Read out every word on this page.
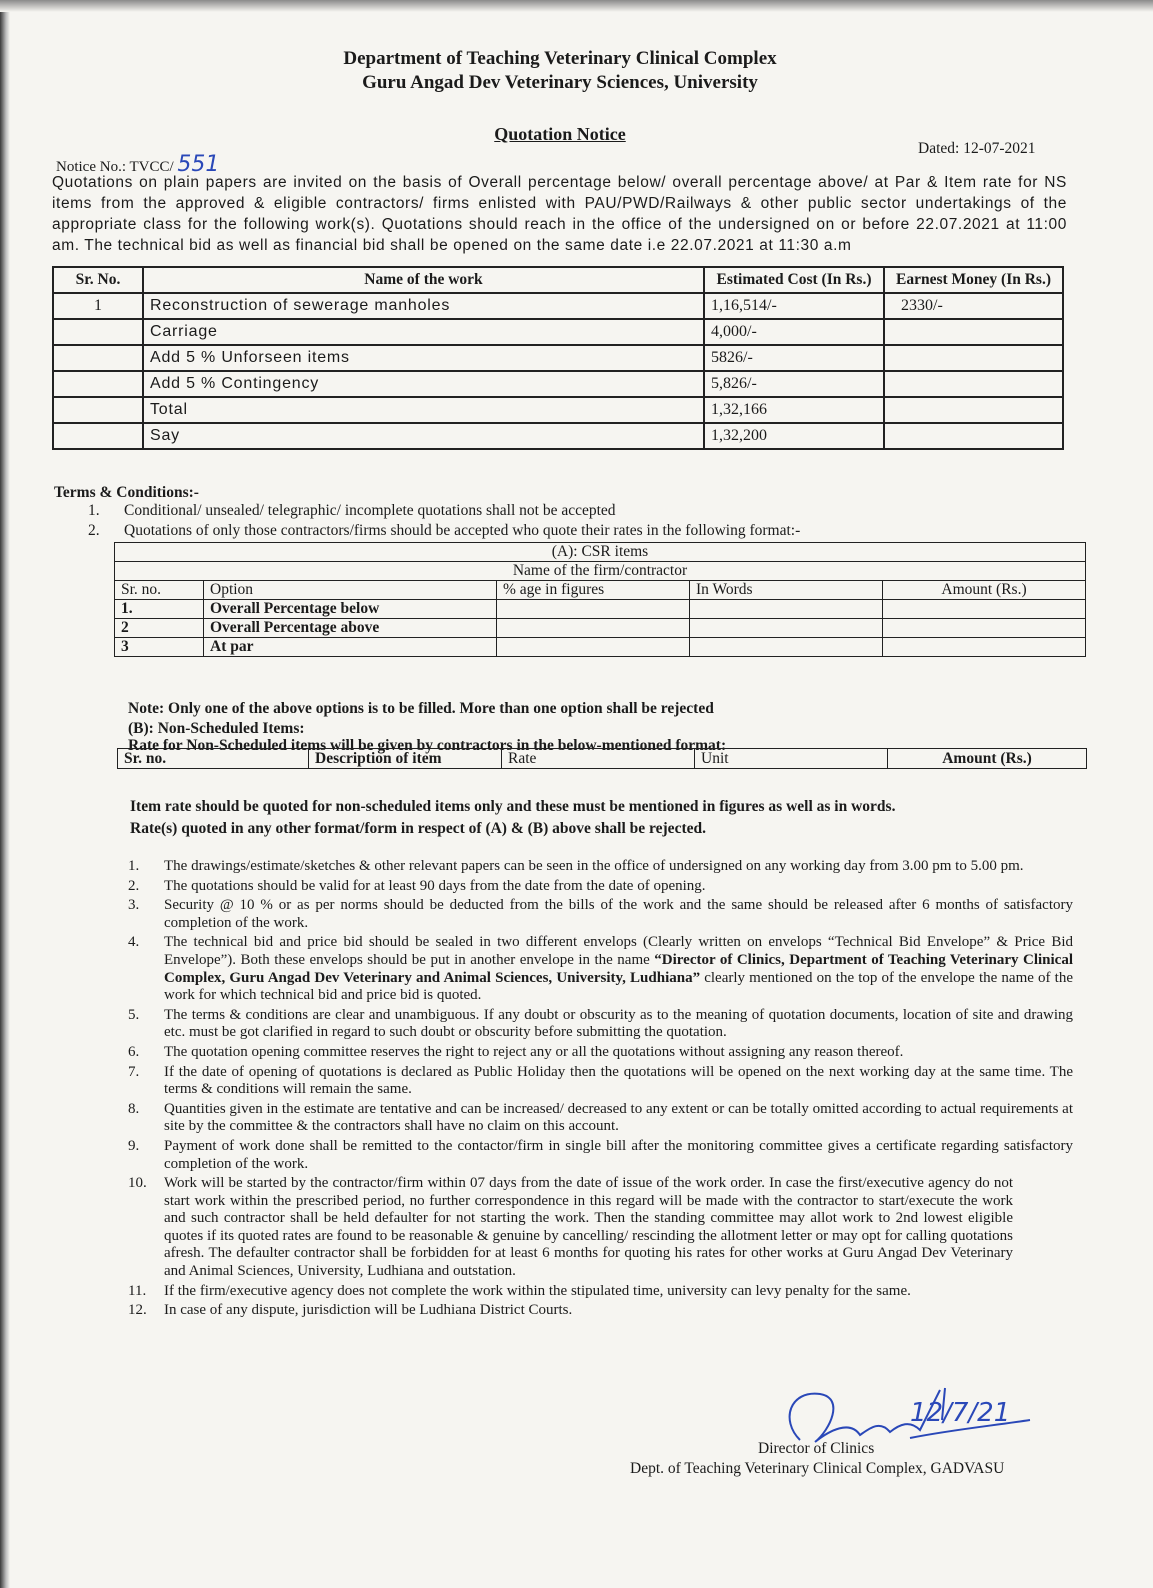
Department of Teaching Veterinary Clinical Complex
Guru Angad Dev Veterinary Sciences, University
Quotation Notice
Dated: 12-07-2021
Notice No.: TVCC/ 551
Quotations on plain papers are invited on the basis of Overall percentage below/ overall percentage above/ at Par & Item rate for NS items from the approved & eligible contractors/ firms enlisted with PAU/PWD/Railways & other public sector undertakings of the appropriate class for the following work(s). Quotations should reach in the office of the undersigned on or before 22.07.2021 at 11:00 am. The technical bid as well as financial bid shall be opened on the same date i.e 22.07.2021 at 11:30 a.m
Sr. No.	Name of the work	Estimated Cost (In Rs.)	Earnest Money (In Rs.)
1	Reconstruction of sewerage manholes	1,16,514/-	2330/-
	Carriage	4,000/-	
	Add 5 % Unforseen items	5826/-	
	Add 5 % Contingency	5,826/-	
	Total	1,32,166	
	Say	1,32,200	
Terms & Conditions:-
1. Conditional/ unsealed/ telegraphic/ incomplete quotations shall not be accepted
2. Quotations of only those contractors/firms should be accepted who quote their rates in the following format:-
(A): CSR items				
Name of the firm/contractor				
Sr. no.	Option	% age in figures	In Words	Amount (Rs.)
1.	Overall Percentage below			
2	Overall Percentage above			
3	At par			
Note: Only one of the above options is to be filled. More than one option shall be rejected
(B): Non-Scheduled Items:
Rate for Non-Scheduled items will be given by contractors in the below-mentioned format:
Sr. no.	Description of item	Rate	Unit	Amount (Rs.)
Item rate should be quoted for non-scheduled items only and these must be mentioned in figures as well as in words.
Rate(s) quoted in any other format/form in respect of (A) & (B) above shall be rejected.
1.	The drawings/estimate/sketches & other relevant papers can be seen in the office of undersigned on any working day from 3.00 pm to 5.00 pm.
2.	The quotations should be valid for at least 90 days from the date from the date of opening.
3.	Security @ 10 % or as per norms should be deducted from the bills of the work and the same should be released after 6 months of satisfactory completion of the work.
4.	The technical bid and price bid should be sealed in two different envelops (Clearly written on envelops “Technical Bid Envelope” & Price Bid Envelope”). Both these envelops should be put in another envelope in the name “Director of Clinics, Department of Teaching Veterinary Clinical Complex, Guru Angad Dev Veterinary and Animal Sciences, University, Ludhiana” clearly mentioned on the top of the envelope the name of the work for which technical bid and price bid is quoted.
5.	The terms & conditions are clear and unambiguous. If any doubt or obscurity as to the meaning of quotation documents, location of site and drawing etc. must be got clarified in regard to such doubt or obscurity before submitting the quotation.
6.	The quotation opening committee reserves the right to reject any or all the quotations without assigning any reason thereof.
7.	If the date of opening of quotations is declared as Public Holiday then the quotations will be opened on the next working day at the same time. The terms & conditions will remain the same.
8.	Quantities given in the estimate are tentative and can be increased/ decreased to any extent or can be totally omitted according to actual requirements at site by the committee & the contractors shall have no claim on this account.
9.	Payment of work done shall be remitted to the contactor/firm in single bill after the monitoring committee gives a certificate regarding satisfactory completion of the work.
10.	Work will be started by the contractor/firm within 07 days from the date of issue of the work order. In case the first/executive agency do not start work within the prescribed period, no further correspondence in this regard will be made with the contractor to start/execute the work and such contractor shall be held defaulter for not starting the work. Then the standing committee may allot work to 2nd lowest eligible quotes if its quoted rates are found to be reasonable & genuine by cancelling/ rescinding the allotment letter or may opt for calling quotations afresh. The defaulter contractor shall be forbidden for at least 6 months for quoting his rates for other works at Guru Angad Dev Veterinary and Animal Sciences, University, Ludhiana and outstation.
11.	If the firm/executive agency does not complete the work within the stipulated time, university can levy penalty for the same.
12.	In case of any dispute, jurisdiction will be Ludhiana District Courts.
12/7/21
Director of Clinics
Dept. of Teaching Veterinary Clinical Complex, GADVASU
